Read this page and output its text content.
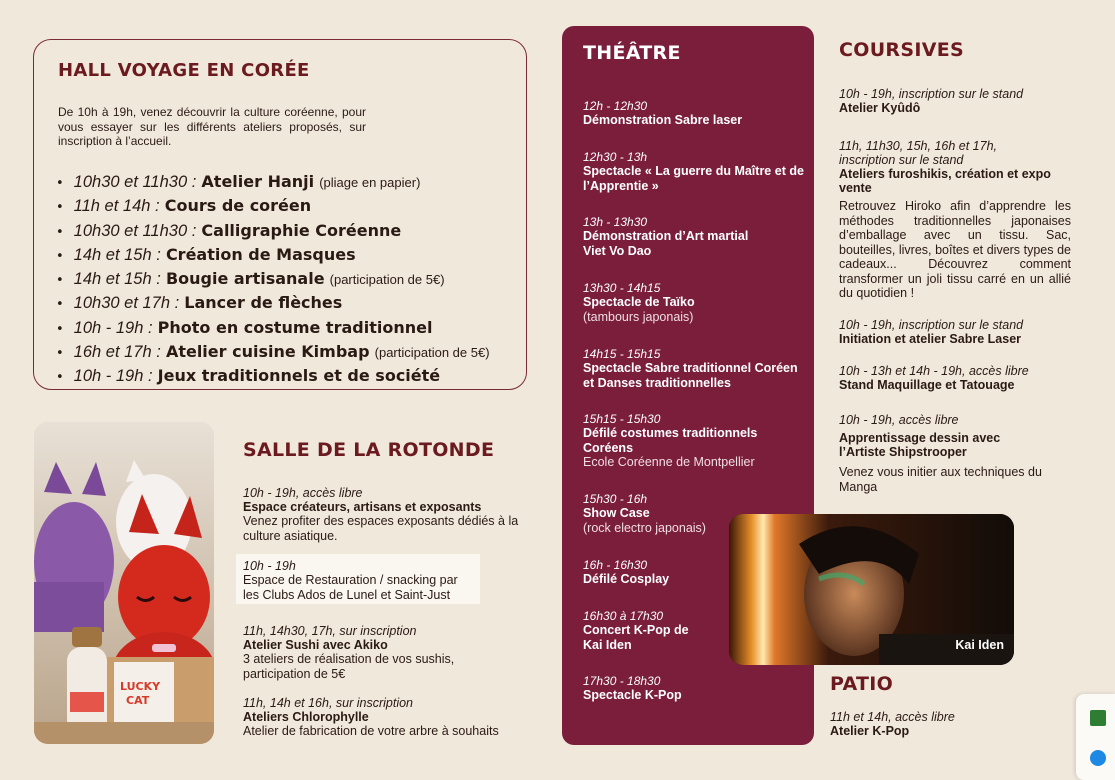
HALL VOYAGE EN CORÉE
De 10h à 19h, venez découvrir la culture coréenne, pour vous essayer sur les différents ateliers proposés, sur inscription à l’accueil.
• 10h30 et 11h30 : Atelier Hanji (pliage en papier)
• 11h et 14h : Cours de coréen
• 10h30 et 11h30 : Calligraphie Coréenne
• 14h et 15h : Création de Masques
• 14h et 15h : Bougie artisanale (participation de 5€)
• 10h30 et 17h : Lancer de flèches
• 10h - 19h : Photo en costume traditionnel
• 16h et 17h : Atelier cuisine Kimbap (participation de 5€)
• 10h - 19h : Jeux traditionnels et de société
LUCKY
CAT
SALLE DE LA ROTONDE
10h - 19h, accès libre
Espace créateurs, artisans et exposants
Venez profiter des espaces exposants dédiés à la culture asiatique.
10h - 19h
Espace de Restauration / snacking par les Clubs Ados de Lunel et Saint-Just
11h, 14h30, 17h, sur inscription
Atelier Sushi avec Akiko
3 ateliers de réalisation de vos sushis, participation de 5€
11h, 14h et 16h, sur inscription
Ateliers Chlorophylle
Atelier de fabrication de votre arbre à souhaits
THÉÂTRE
12h - 12h30
Démonstration Sabre laser
12h30 - 13h
Spectacle « La guerre du Maître et de l’Apprentie »
13h - 13h30
Démonstration d’Art martial Viet Vo Dao
13h30 - 14h15
Spectacle de Taïko
(tambours japonais)
14h15 - 15h15
Spectacle Sabre traditionnel Coréen et Danses traditionnelles
15h15 - 15h30
Défilé costumes traditionnels Coréens
Ecole Coréenne de Montpellier
15h30 - 16h
Show Case
(rock electro japonais)
16h - 16h30
Défilé Cosplay
16h30 à 17h30
Concert K-Pop de Kai Iden
17h30 - 18h30
Spectacle K-Pop
COURSIVES
10h - 19h, inscription sur le stand
Atelier Kyûdô
11h, 11h30, 15h, 16h et 17h, inscription sur le stand
Ateliers furoshikis, création et expo vente
Retrouvez Hiroko afin d’apprendre les méthodes traditionnelles japonaises d’emballage avec un tissu. Sac, bouteilles, livres, boîtes et divers types de cadeaux... Découvrez comment transformer un joli tissu carré en un allié du quotidien !
10h - 19h, inscription sur le stand
Initiation et atelier Sabre Laser
10h - 13h et 14h - 19h, accès libre
Stand Maquillage et Tatouage
10h - 19h, accès libre
Apprentissage dessin avec l’Artiste Shipstrooper
Venez vous initier aux techniques du Manga
Kai Iden
PATIO
11h et 14h, accès libre
Atelier K-Pop
